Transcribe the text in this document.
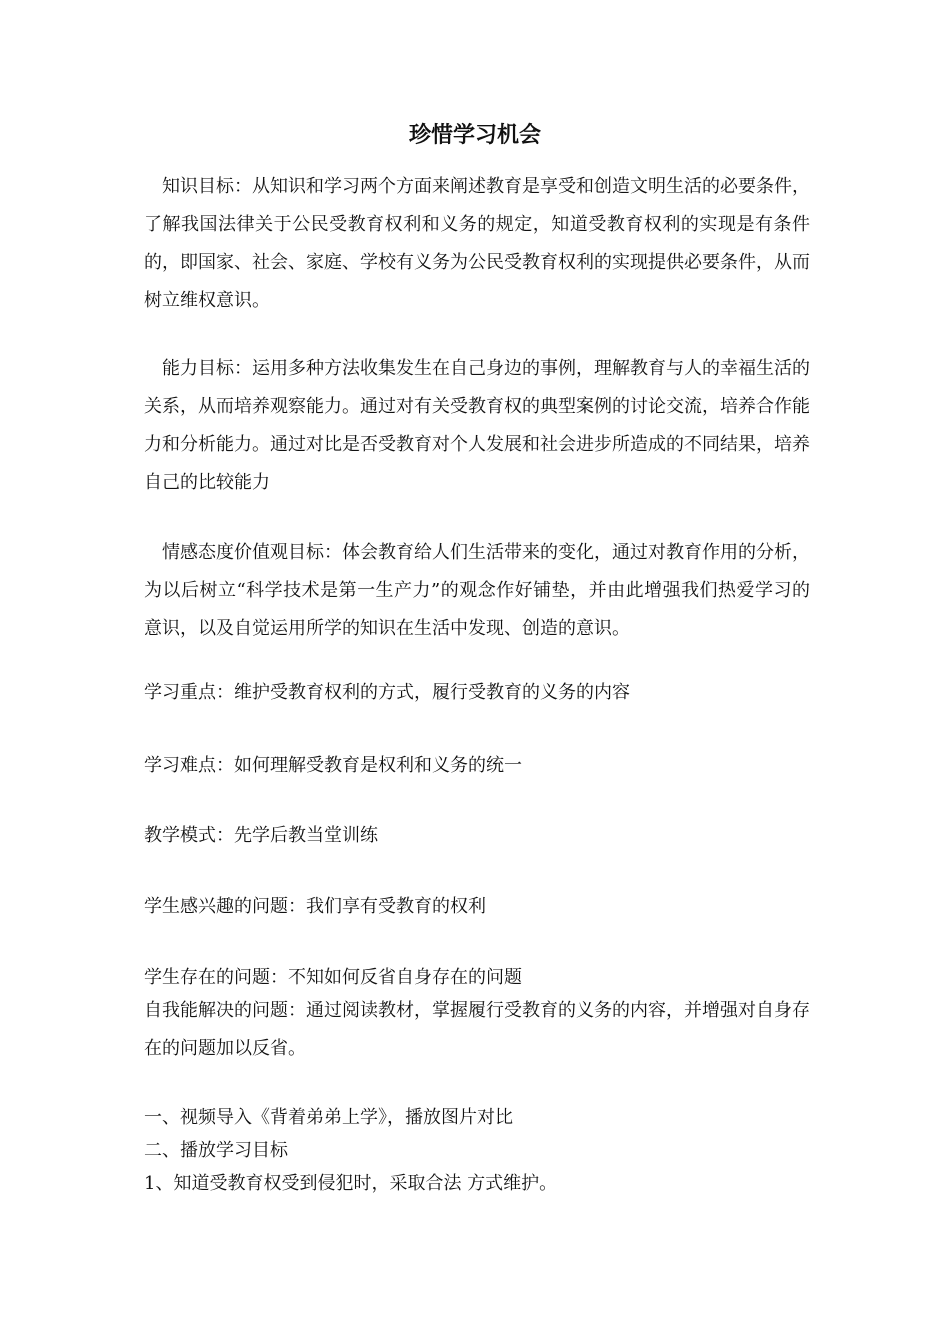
珍惜学习机会

知识目标：从知识和学习两个方面来阐述教育是享受和创造文明生活的必要条件，了解我国法律关于公民受教育权利和义务的规定，知道受教育权利的实现是有条件的，即国家、社会、家庭、学校有义务为公民受教育权利的实现提供必要条件，从而树立维权意识。

能力目标：运用多种方法收集发生在自己身边的事例，理解教育与人的幸福生活的关系，从而培养观察能力。通过对有关受教育权的典型案例的讨论交流，培养合作能力和分析能力。通过对比是否受教育对个人发展和社会进步所造成的不同结果，培养自己的比较能力

情感态度价值观目标：体会教育给人们生活带来的变化，通过对教育作用的分析，为以后树立“科学技术是第一生产力”的观念作好铺垫，并由此增强我们热爱学习的意识，以及自觉运用所学的知识在生活中发现、创造的意识。

学习重点：维护受教育权利的方式，履行受教育的义务的内容

学习难点：如何理解受教育是权利和义务的统一

教学模式：先学后教当堂训练

学生感兴趣的问题：我们享有受教育的权利

学生存在的问题：不知如何反省自身存在的问题

自我能解决的问题：通过阅读教材，掌握履行受教育的义务的内容，并增强对自身存在的问题加以反省。

一、视频导入《背着弟弟上学》，播放图片对比

二、播放学习目标

1、知道受教育权受到侵犯时，采取合法 方式维护。
